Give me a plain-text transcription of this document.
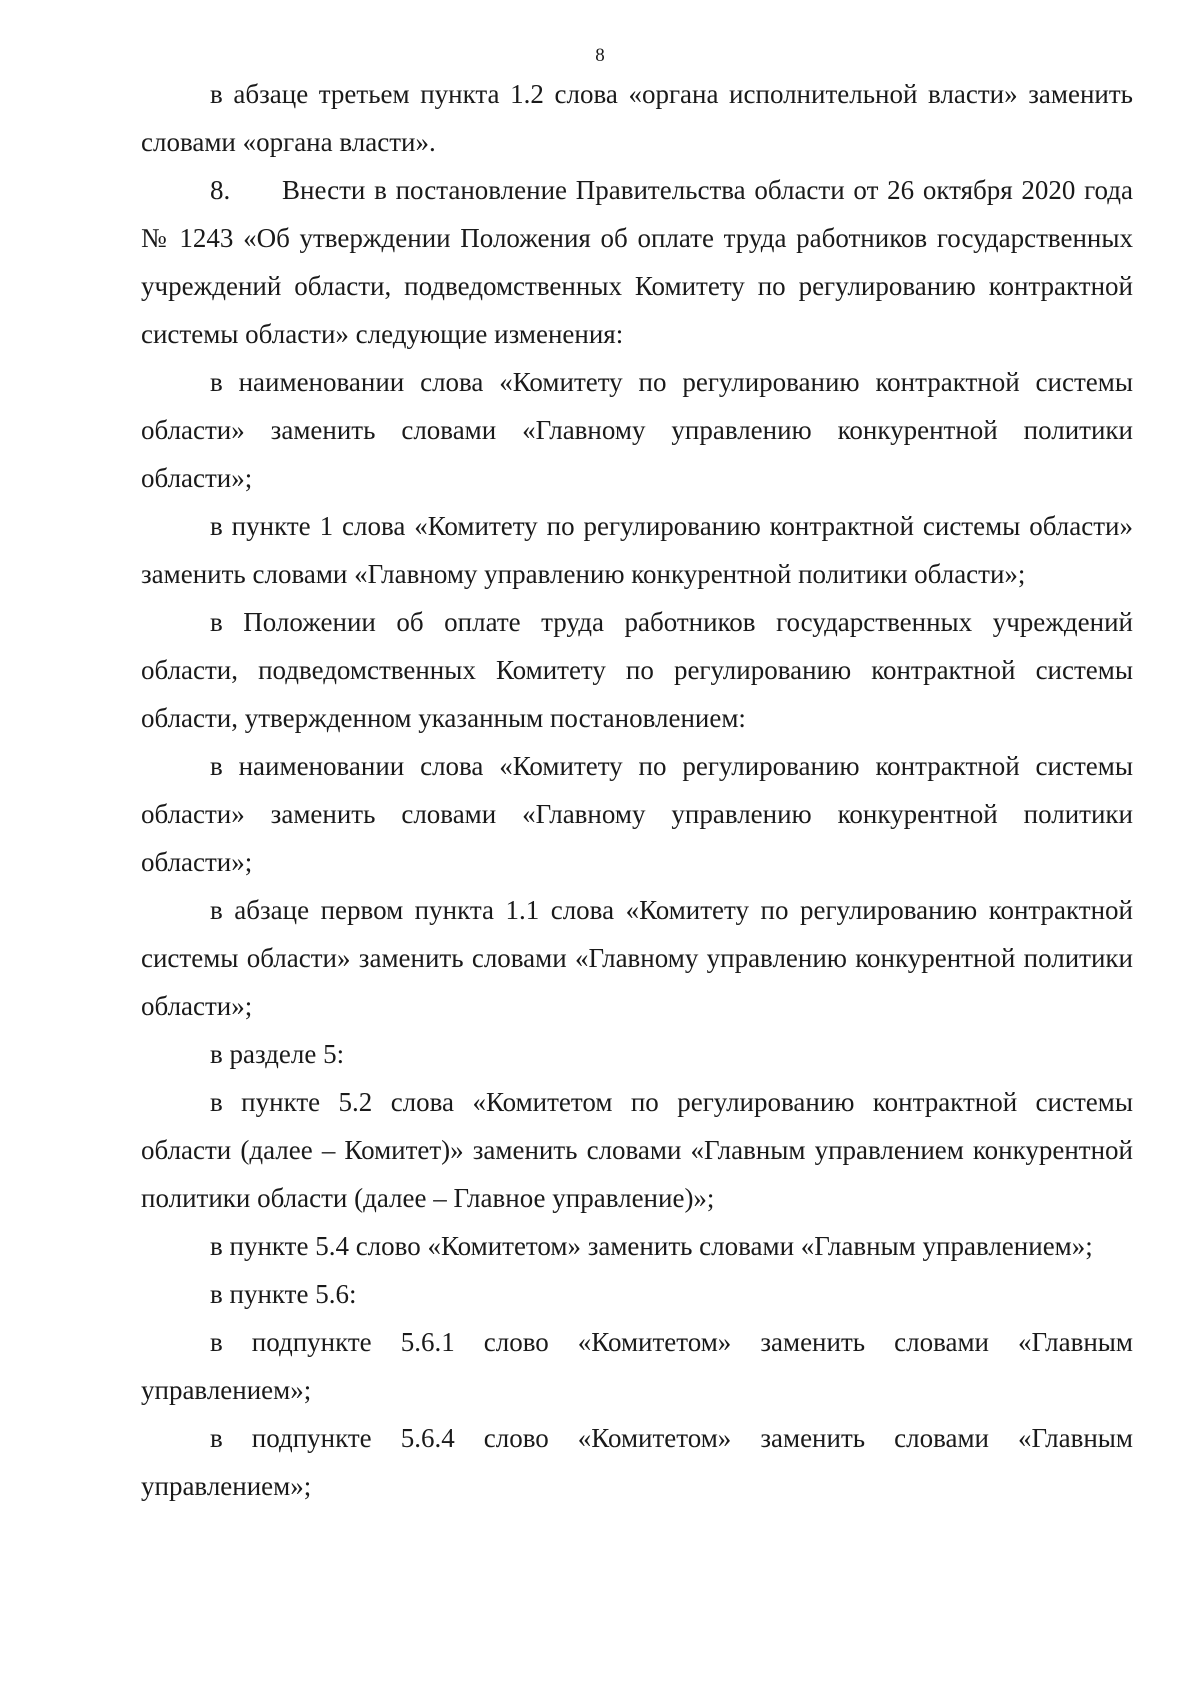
8

в абзаце третьем пункта 1.2 слова «органа исполнительной власти» заменить словами «органа власти».

8. Внести в постановление Правительства области от 26 октября 2020 года № 1243 «Об утверждении Положения об оплате труда работников государственных учреждений области, подведомственных Комитету по регулированию контрактной системы области» следующие изменения:

в наименовании слова «Комитету по регулированию контрактной системы области» заменить словами «Главному управлению конкурентной политики области»;

в пункте 1 слова «Комитету по регулированию контрактной системы области» заменить словами «Главному управлению конкурентной политики области»;

в Положении об оплате труда работников государственных учреждений области, подведомственных Комитету по регулированию контрактной системы области, утвержденном указанным постановлением:

в наименовании слова «Комитету по регулированию контрактной системы области» заменить словами «Главному управлению конкурентной политики области»;

в абзаце первом пункта 1.1 слова «Комитету по регулированию контрактной системы области» заменить словами «Главному управлению конкурентной политики области»;

в разделе 5:

в пункте 5.2 слова «Комитетом по регулированию контрактной системы области (далее – Комитет)» заменить словами «Главным управлением конкурентной политики области (далее – Главное управление)»;

в пункте 5.4 слово «Комитетом» заменить словами «Главным управлением»;

в пункте 5.6:

в подпункте 5.6.1 слово «Комитетом» заменить словами «Главным управлением»;

в подпункте 5.6.4 слово «Комитетом» заменить словами «Главным управлением»;
